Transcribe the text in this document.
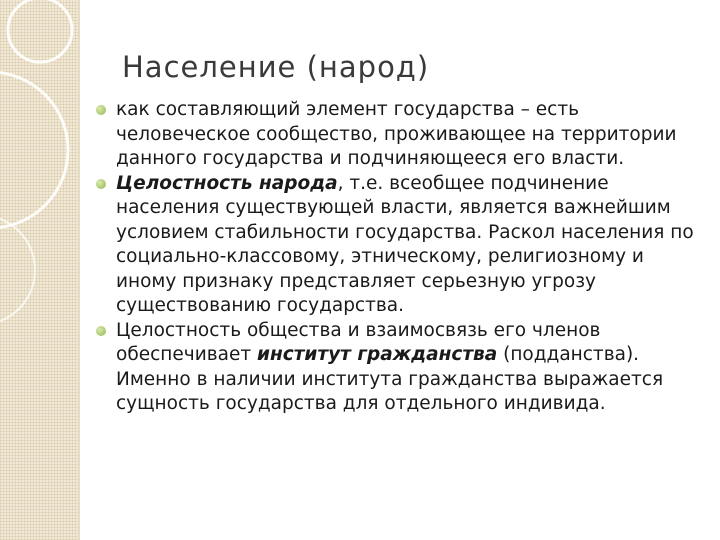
Население (народ)
как составляющий элемент государства – есть человеческое сообщество, проживающее на территории данного государства и подчиняющееся его власти.
Целостность народа, т.е. всеобщее подчинение населения существующей власти, является важнейшим условием стабильности государства. Раскол населения по социально-классовому, этническому, религиозному и иному признаку представляет серьезную угрозу существованию государства.
Целостность общества и взаимосвязь его членов обеспечивает институт гражданства (подданства). Именно в наличии института гражданства выражается сущность государства для отдельного индивида.
